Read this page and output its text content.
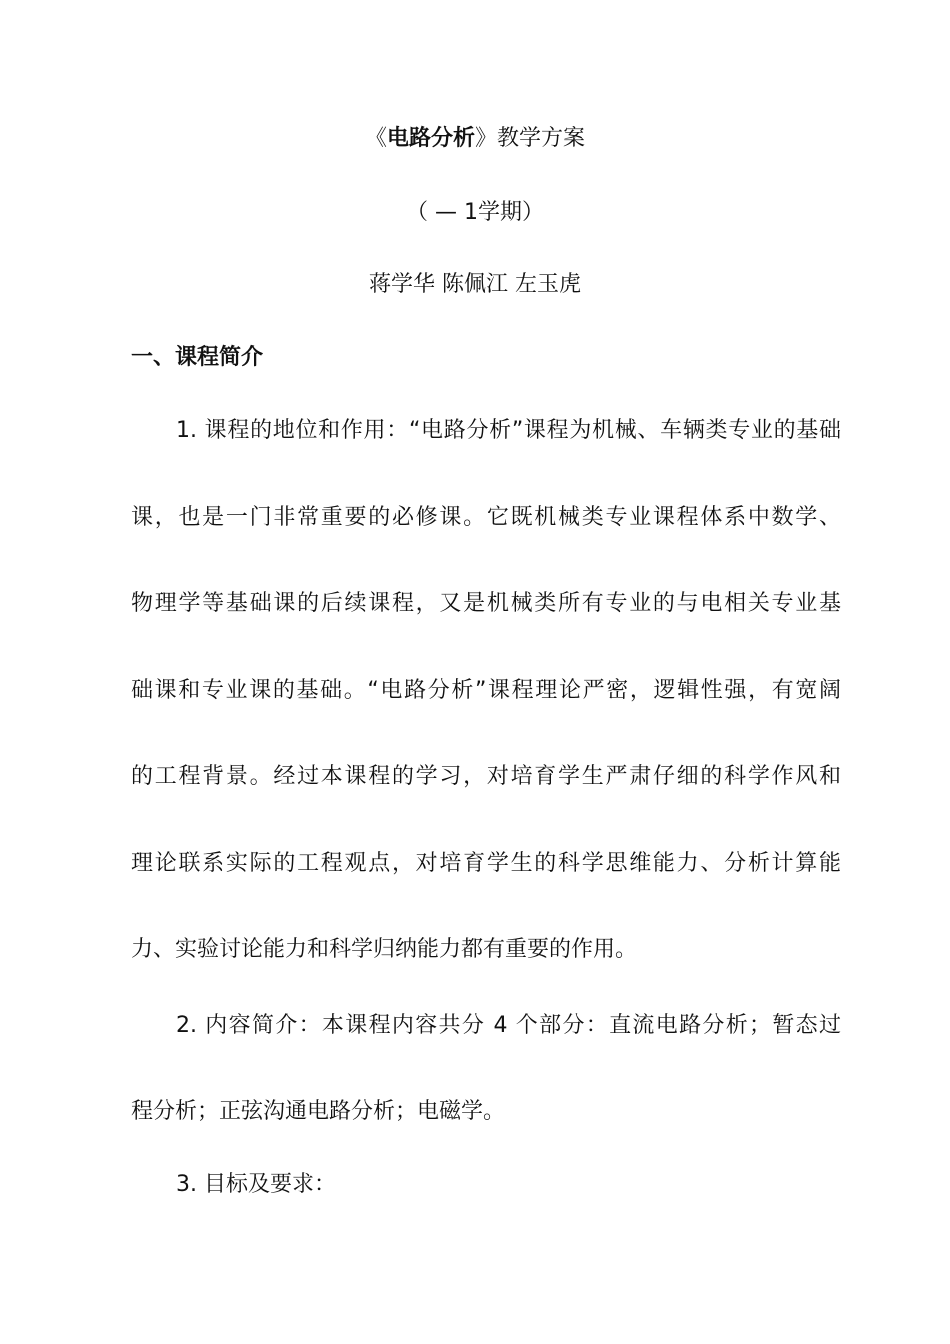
《电路分析》教学方案
（ — 1学期）
蒋学华 陈佩江 左玉虎
一、课程简介
1. 课程的地位和作用：“电路分析”课程为机械、车辆类专业的基础
课，也是一门非常重要的必修课。它既机械类专业课程体系中数学、
物理学等基础课的后续课程，又是机械类所有专业的与电相关专业基
础课和专业课的基础。“电路分析”课程理论严密，逻辑性强，有宽阔
的工程背景。经过本课程的学习，对培育学生严肃仔细的科学作风和
理论联系实际的工程观点，对培育学生的科学思维能力、分析计算能
力、实验讨论能力和科学归纳能力都有重要的作用。
2. 内容简介：本课程内容共分 4 个部分：直流电路分析；暂态过
程分析；正弦沟通电路分析；电磁学。
3. 目标及要求：
